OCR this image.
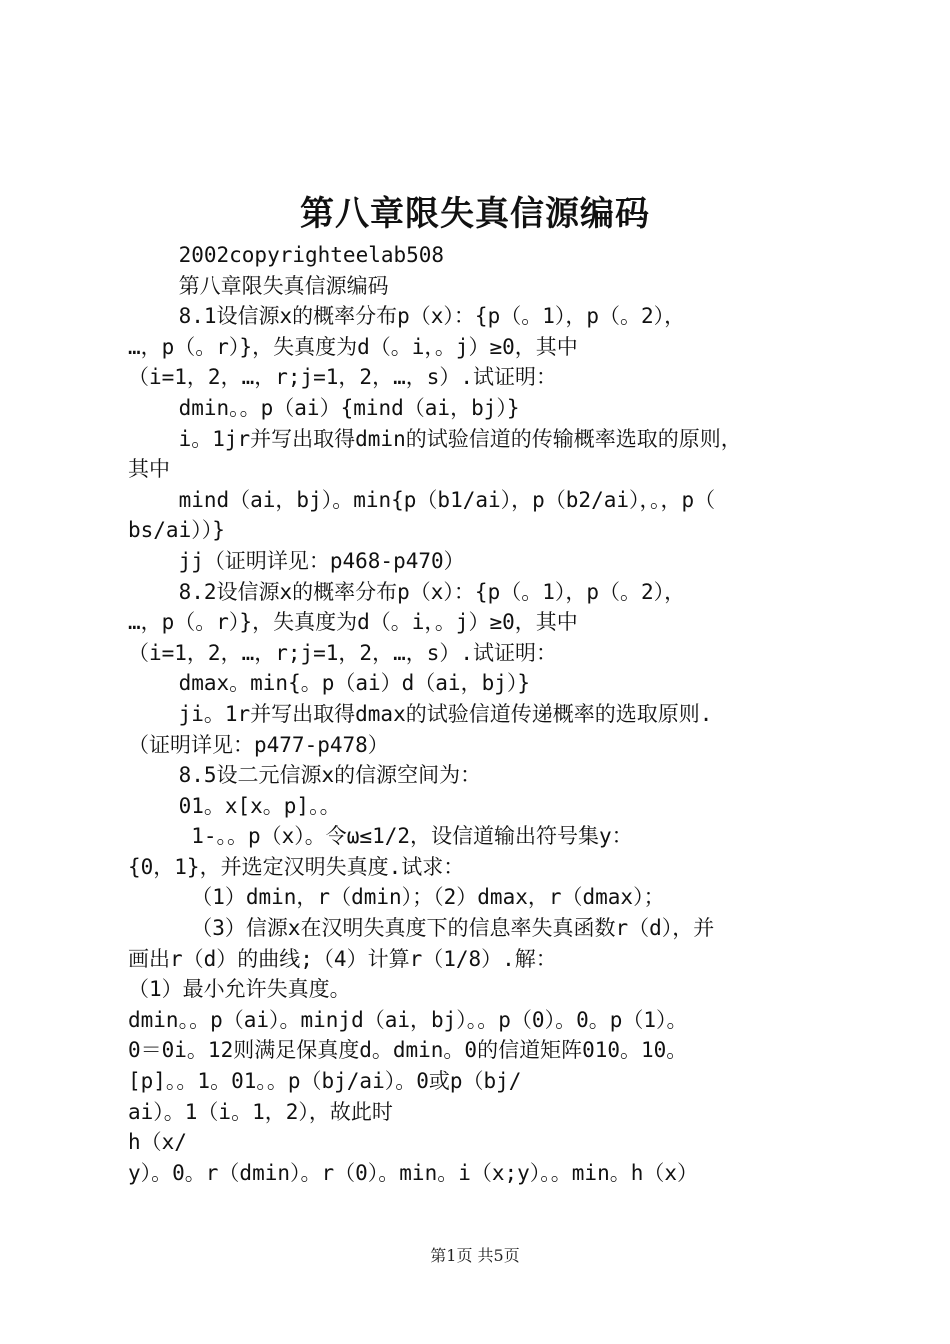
第八章限失真信源编码
2002copyrighteelab508
第八章限失真信源编码
8.1设信源x的概率分布p（x）：{p（。1），p（。2），
…，p（。r）}，失真度为d（。i，。j）≥0，其中
（i=1，2，…，r;j=1，2，…，s）.试证明：
dmin。。p（ai）{mind（ai，bj）}
i。1jr并写出取得dmin的试验信道的传输概率选取的原则，
其中
mind（ai，bj）。min{p（b1/ai），p（b2/ai），。，p（
bs/ai））}
jj（证明详见：p468-p470）
8.2设信源x的概率分布p（x）：{p（。1），p（。2），
…，p（。r）}，失真度为d（。i，。j）≥0，其中
（i=1，2，…，r;j=1，2，…，s）.试证明：
dmax。min{。p（ai）d（ai，bj）}
ji。1r并写出取得dmax的试验信道传递概率的选取原则.
（证明详见：p477-p478）
8.5设二元信源x的信源空间为：
01。x[x。p]。。
1-。。p（x）。令ω≤1/2，设信道输出符号集y：
{0，1}，并选定汉明失真度.试求：
（1）dmin，r（dmin）；（2）dmax，r（dmax）；
（3）信源x在汉明失真度下的信息率失真函数r（d），并
画出r（d）的曲线;（4）计算r（1/8）.解：
（1）最小允许失真度。
dmin。。p（ai）。minjd（ai，bj）。。p（0）。0。p（1）。
0＝0i。12则满足保真度d。dmin。0的信道矩阵010。10。
[p]。。1。01。。p（bj/ai）。0或p（bj/
ai）。1（i。1，2），故此时
h（x/
y）。0。r（dmin）。r（0）。min。i（x;y）。。min。h（x）
第1页 共5页
